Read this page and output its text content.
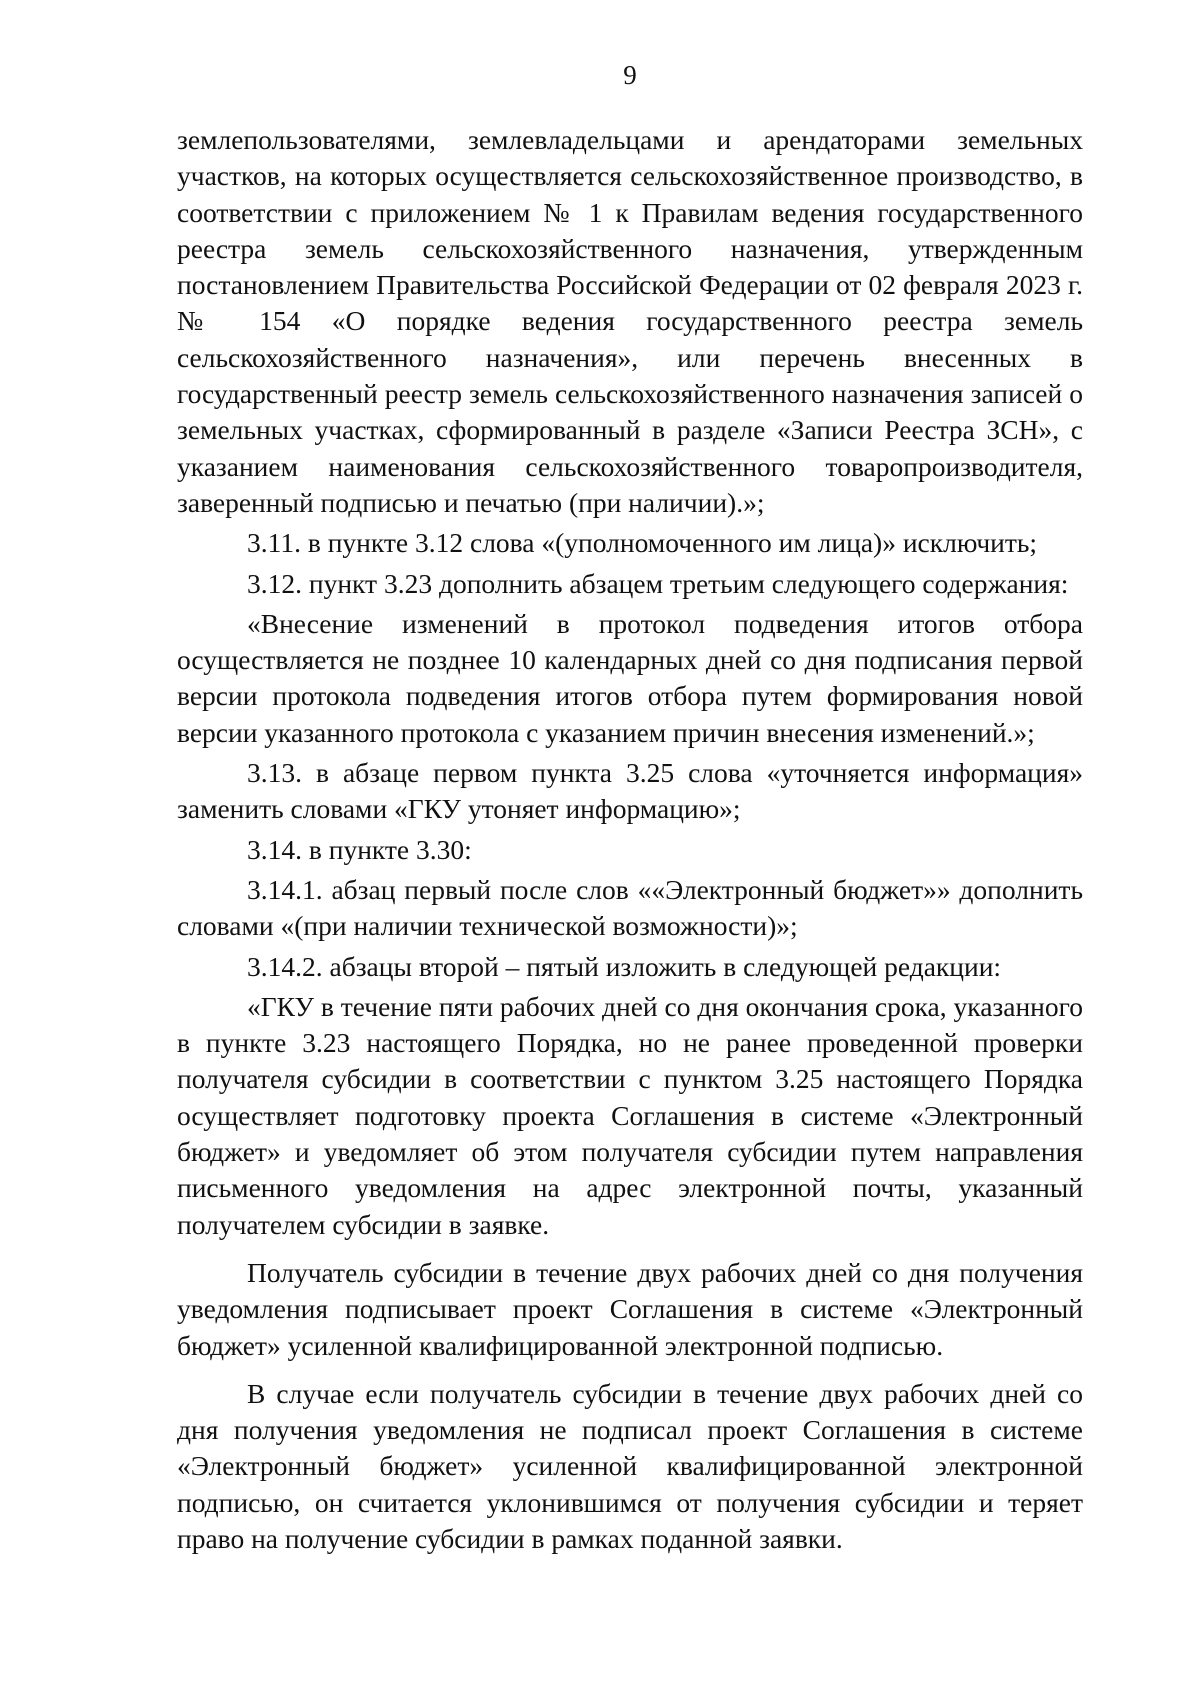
9

землепользователями, землевладельцами и арендаторами земельных участков, на которых осуществляется сельскохозяйственное производство, в соответствии с приложением № 1 к Правилам ведения государственного реестра земель сельскохозяйственного назначения, утвержденным постановлением Правительства Российской Федерации от 02 февраля 2023 г. № 154 «О порядке ведения государственного реестра земель сельскохозяйственного назначения», или перечень внесенных в государственный реестр земель сельскохозяйственного назначения записей о земельных участках, сформированный в разделе «Записи Реестра ЗСН», с указанием наименования сельскохозяйственного товаропроизводителя, заверенный подписью и печатью (при наличии).»;

3.11. в пункте 3.12 слова «(уполномоченного им лица)» исключить;

3.12. пункт 3.23 дополнить абзацем третьим следующего содержания:

«Внесение изменений в протокол подведения итогов отбора осуществляется не позднее 10 календарных дней со дня подписания первой версии протокола подведения итогов отбора путем формирования новой версии указанного протокола с указанием причин внесения изменений.»;

3.13. в абзаце первом пункта 3.25 слова «уточняется информация» заменить словами «ГКУ утоняет информацию»;

3.14. в пункте 3.30:

3.14.1. абзац первый после слов ««Электронный бюджет»» дополнить словами «(при наличии технической возможности)»;

3.14.2. абзацы второй – пятый изложить в следующей редакции:

«ГКУ в течение пяти рабочих дней со дня окончания срока, указанного в пункте 3.23 настоящего Порядка, но не ранее проведенной проверки получателя субсидии в соответствии с пунктом 3.25 настоящего Порядка осуществляет подготовку проекта Соглашения в системе «Электронный бюджет» и уведомляет об этом получателя субсидии путем направления письменного уведомления на адрес электронной почты, указанный получателем субсидии в заявке.

Получатель субсидии в течение двух рабочих дней со дня получения уведомления подписывает проект Соглашения в системе «Электронный бюджет» усиленной квалифицированной электронной подписью.

В случае если получатель субсидии в течение двух рабочих дней со дня получения уведомления не подписал проект Соглашения в системе «Электронный бюджет» усиленной квалифицированной электронной подписью, он считается уклонившимся от получения субсидии и теряет право на получение субсидии в рамках поданной заявки.
